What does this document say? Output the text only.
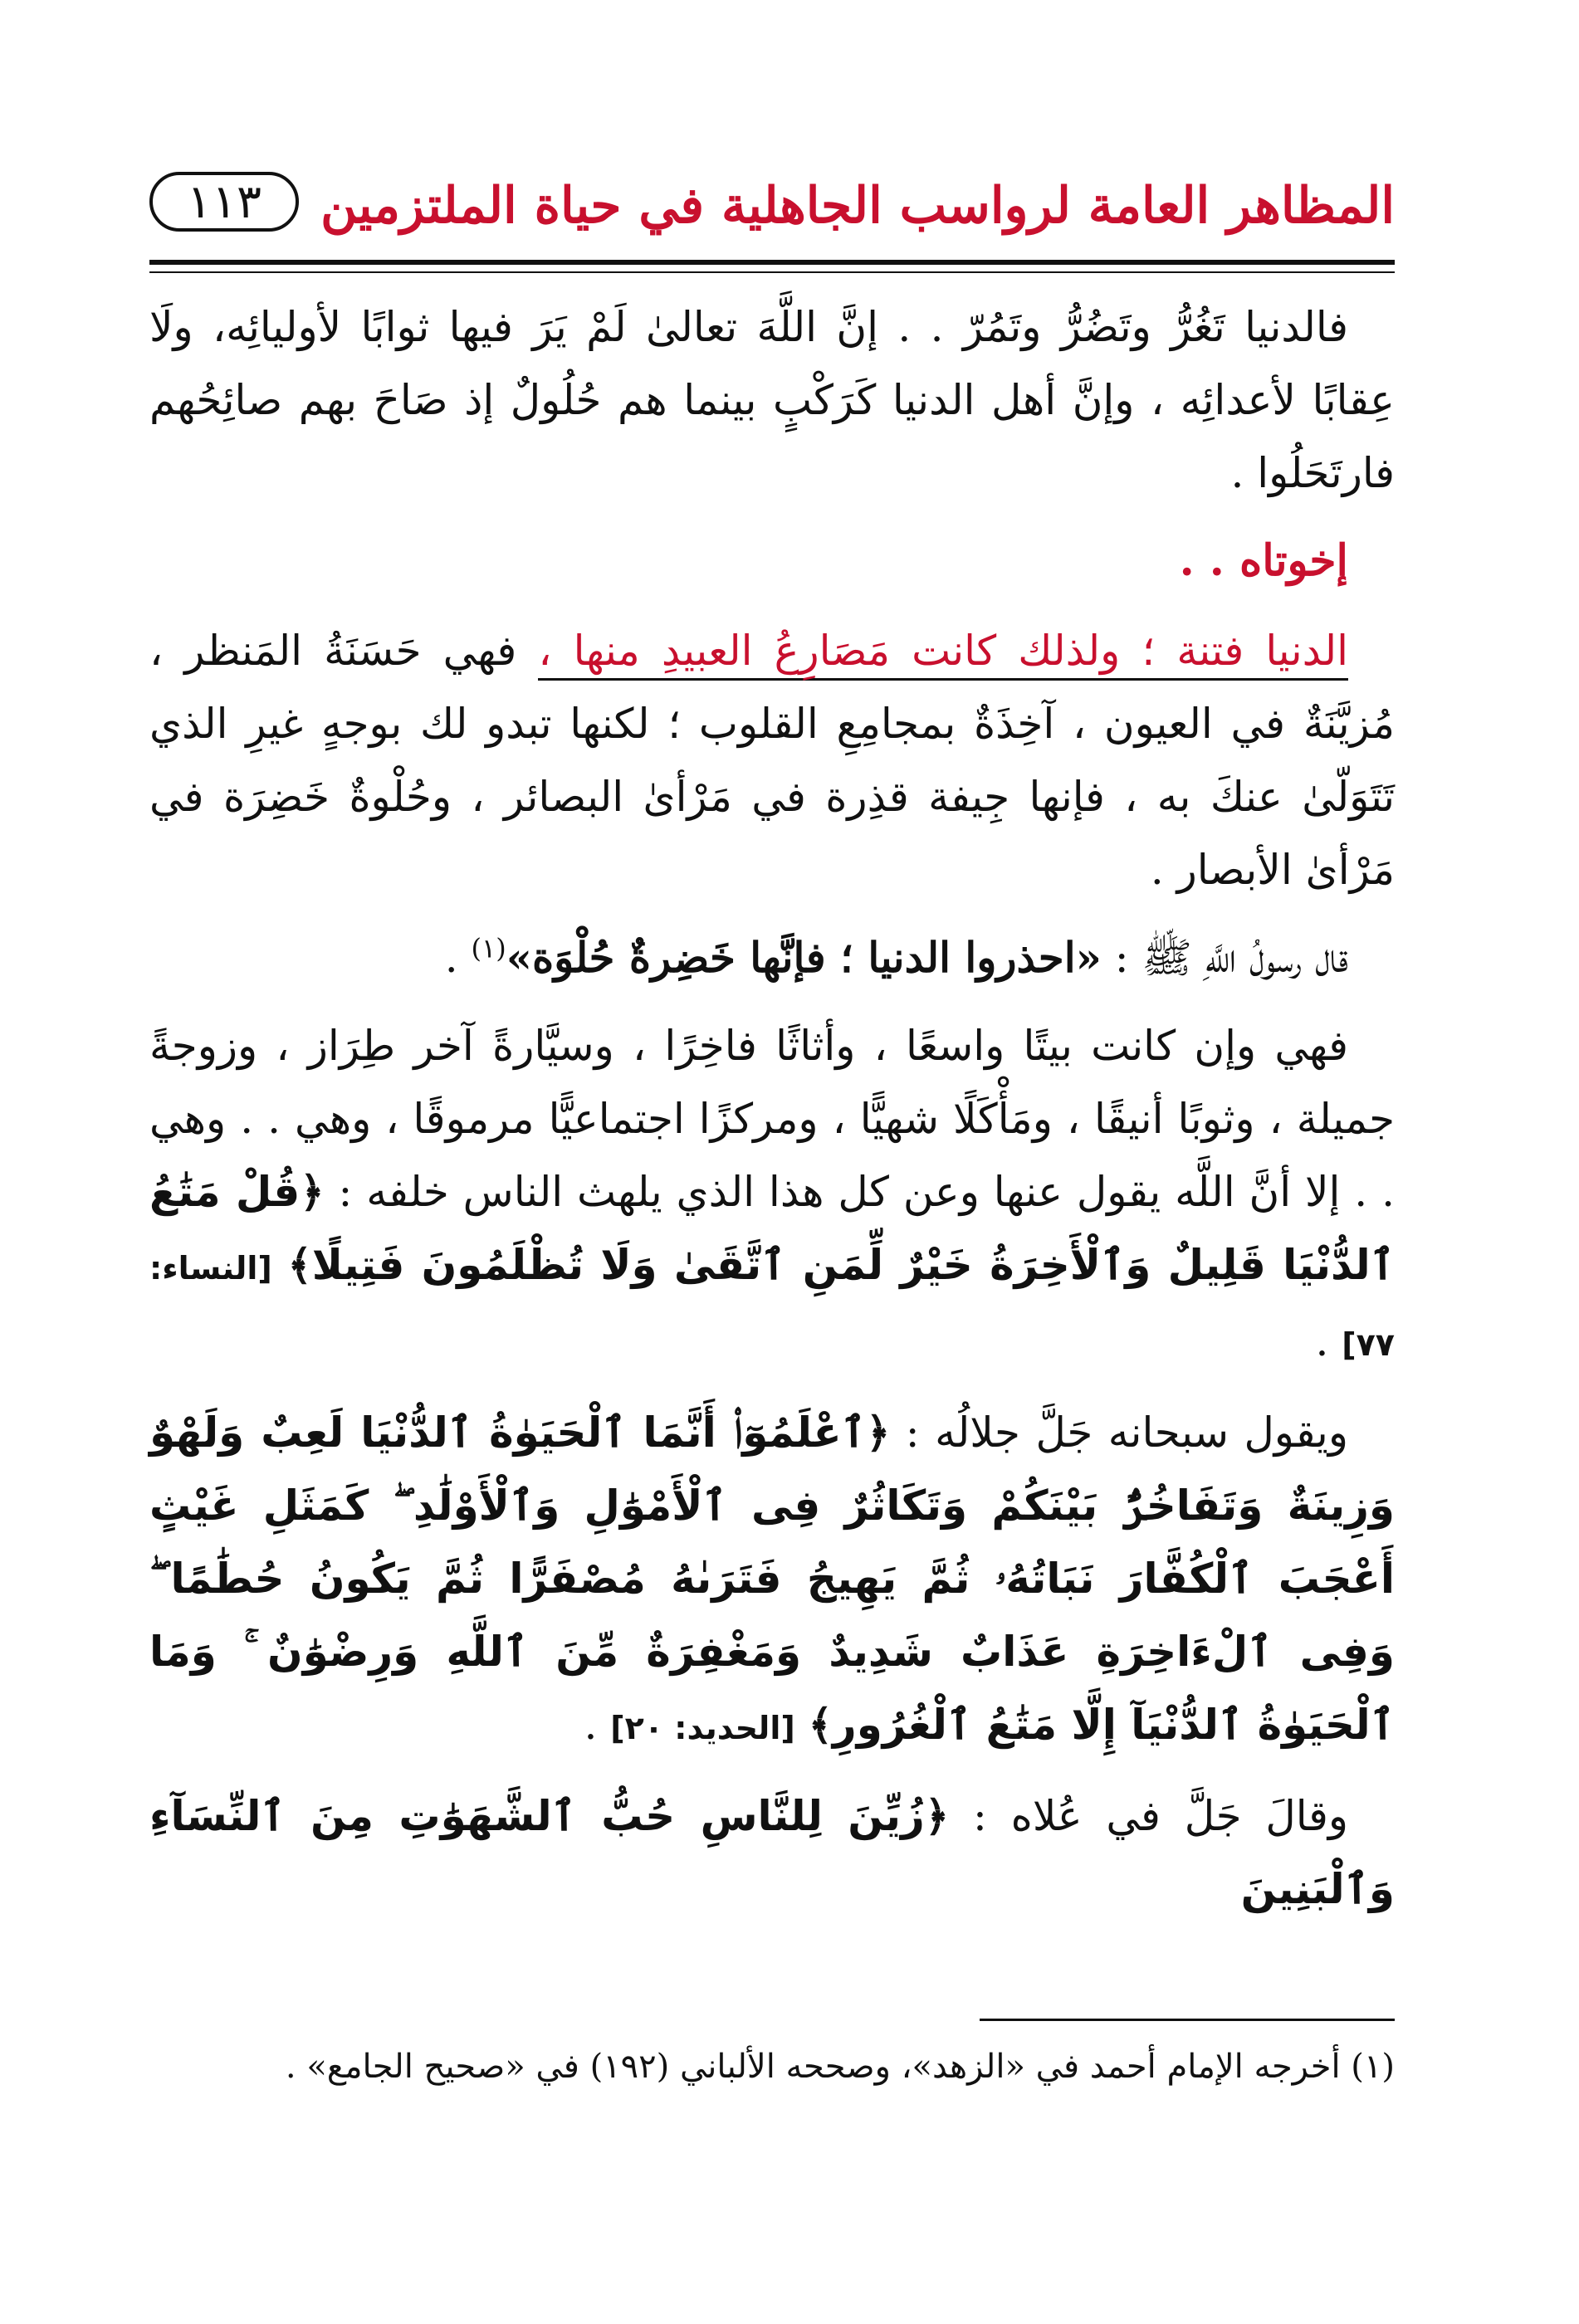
المظاهر العامة لرواسب الجاهلية في حياة الملتزمين
١١٣

فالدنيا تَغُرُّ وتَضُرُّ وتَمُرّ . . إنَّ اللَّهَ تعالىٰ لَمْ يَرَ فيها ثوابًا لأوليائِه، ولَا عِقابًا لأعدائِه ، وإنَّ أهل الدنيا كَرَكْبٍ بينما هم حُلُولٌ إذ صَاحَ بهم صائِحُهم فارتَحَلُوا .

إخوتاه . .

الدنيا فتنة ؛ ولذلك كانت مَصَارِعُ العبيدِ منها ، فهي حَسَنَةُ المَنظر ، مُزيَّنَةٌ في العيون ، آخِذَةٌ بمجامِعِ القلوب ؛ لكنها تبدو لك بوجهٍ غيرِ الذي تَتَوَلّىٰ عنكَ به ، فإنها جِيفة قذِرة في مَرْأىٰ البصائر ، وحُلْوةٌ خَضِرَة في مَرْأىٰ الأبصار .

قال رسولُ اللَّهِ ﷺ : «احذروا الدنيا ؛ فإنَّها خَضِرةٌ حُلْوَة»$^{(١)}$ .

فهي وإن كانت بيتًا واسعًا ، وأثاثًا فاخِرًا ، وسيَّارةً آخر طِرَاز ، وزوجةً جميلة ، وثوبًا أنيقًا ، ومَأْكَلًا شهيًّا ، ومركزًا اجتماعيًّا مرموقًا ، وهي . . وهي . . إلا أنَّ اللَّه يقول عنها وعن كل هذا الذي يلهث الناس خلفه : ﴿قُلْ مَتَٰعُ ٱلدُّنْيَا قَلِيلٌ وَٱلْأَخِرَةُ خَيْرٌ لِّمَنِ ٱتَّقَىٰ وَلَا تُظْلَمُونَ فَتِيلًا﴾ [النساء: ٧٧] .

ويقول سبحانه جَلَّ جلالُه : ﴿ٱعْلَمُوٓا۟ أَنَّمَا ٱلْحَيَوٰةُ ٱلدُّنْيَا لَعِبٌ وَلَهْوٌ وَزِينَةٌ وَتَفَاخُرٌۢ بَيْنَكُمْ وَتَكَاثُرٌ فِى ٱلْأَمْوَٰلِ وَٱلْأَوْلَٰدِ ۖ كَمَثَلِ غَيْثٍ أَعْجَبَ ٱلْكُفَّارَ نَبَاتُهُۥ ثُمَّ يَهِيجُ فَتَرَىٰهُ مُصْفَرًّا ثُمَّ يَكُونُ حُطَٰمًا ۖ وَفِى ٱلْءَاخِرَةِ عَذَابٌ شَدِيدٌ وَمَغْفِرَةٌ مِّنَ ٱللَّهِ وَرِضْوَٰنٌ ۚ وَمَا ٱلْحَيَوٰةُ ٱلدُّنْيَآ إِلَّا مَتَٰعُ ٱلْغُرُورِ﴾ [الحديد: ٢٠] .

وقالَ جَلَّ في عُلاه : ﴿زُيِّنَ لِلنَّاسِ حُبُّ ٱلشَّهَوَٰتِ مِنَ ٱلنِّسَآءِ وَٱلْبَنِينَ

(١) أخرجه الإمام أحمد في «الزهد»، وصححه الألباني (١٩٢) في «صحيح الجامع» .
